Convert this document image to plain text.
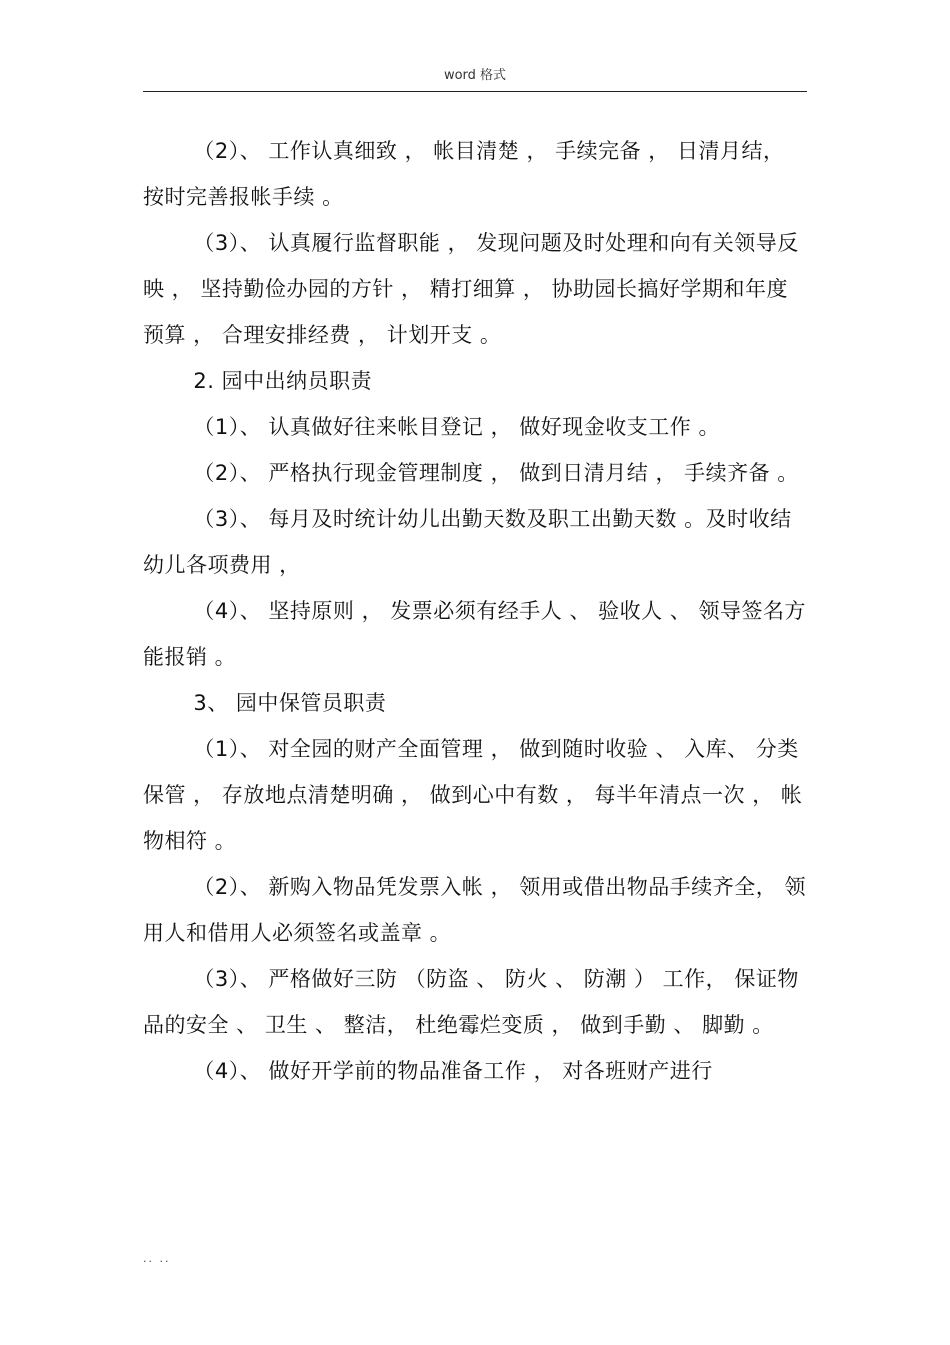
word 格式

（2）、 工作认真细致 ， 帐目清楚 ， 手续完备 ， 日清月结， 按时完善报帐手续 。

（3）、 认真履行监督职能 ， 发现问题及时处理和向有关领导反映 ， 坚持勤俭办园的方针 ， 精打细算 ， 协助园长搞好学期和年度预算 ， 合理安排经费 ， 计划开支 。

2. 园中出纳员职责

（1）、 认真做好往来帐目登记 ， 做好现金收支工作 。

（2）、 严格执行现金管理制度 ， 做到日清月结 ， 手续齐备 。

（3）、 每月及时统计幼儿出勤天数及职工出勤天数 。及时收结幼儿各项费用 ，

（4）、 坚持原则 ， 发票必须有经手人 、 验收人 、 领导签名方能报销 。

3、 园中保管员职责

（1）、 对全园的财产全面管理 ， 做到随时收验 、 入库、 分类保管 ， 存放地点清楚明确 ， 做到心中有数 ， 每半年清点一次 ， 帐物相符 。

（2）、 新购入物品凭发票入帐 ， 领用或借出物品手续齐全， 领用人和借用人必须签名或盖章 。

（3）、 严格做好三防 （防盗 、 防火 、 防潮 ） 工作， 保证物品的安全 、 卫生 、 整洁， 杜绝霉烂变质 ， 做到手勤 、 脚勤 。

（4）、 做好开学前的物品准备工作 ， 对各班财产进行

.. ..
